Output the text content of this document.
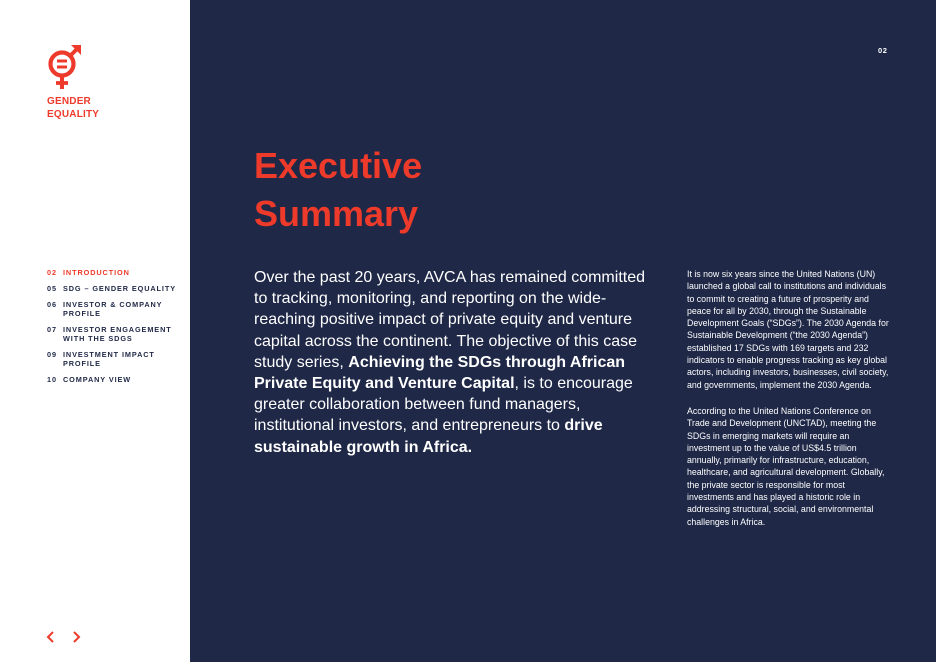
GENDER
EQUALITY
02 INTRODUCTION
05 SDG – GENDER EQUALITY
06 INVESTOR & COMPANY PROFILE
07 INVESTOR ENGAGEMENT WITH THE SDGS
09 INVESTMENT IMPACT PROFILE
10 COMPANY VIEW
02
Executive
Summary

Over the past 20 years, AVCA has remained committed to tracking, monitoring, and reporting on the wide-reaching positive impact of private equity and venture capital across the continent. The objective of this case study series, Achieving the SDGs through African Private Equity and Venture Capital, is to encourage greater collaboration between fund managers, institutional investors, and entrepreneurs to drive sustainable growth in Africa.

It is now six years since the United Nations (UN) launched a global call to institutions and individuals to commit to creating a future of prosperity and peace for all by 2030, through the Sustainable Development Goals (“SDGs”). The 2030 Agenda for Sustainable Development (“the 2030 Agenda”) established 17 SDGs with 169 targets and 232 indicators to enable progress tracking as key global actors, including investors, businesses, civil society, and governments, implement the 2030 Agenda.

According to the United Nations Conference on Trade and Development (UNCTAD), meeting the SDGs in emerging markets will require an investment up to the value of US$4.5 trillion annually, primarily for infrastructure, education, healthcare, and agricultural development. Globally, the private sector is responsible for most investments and has played a historic role in addressing structural, social, and environmental challenges in Africa.
